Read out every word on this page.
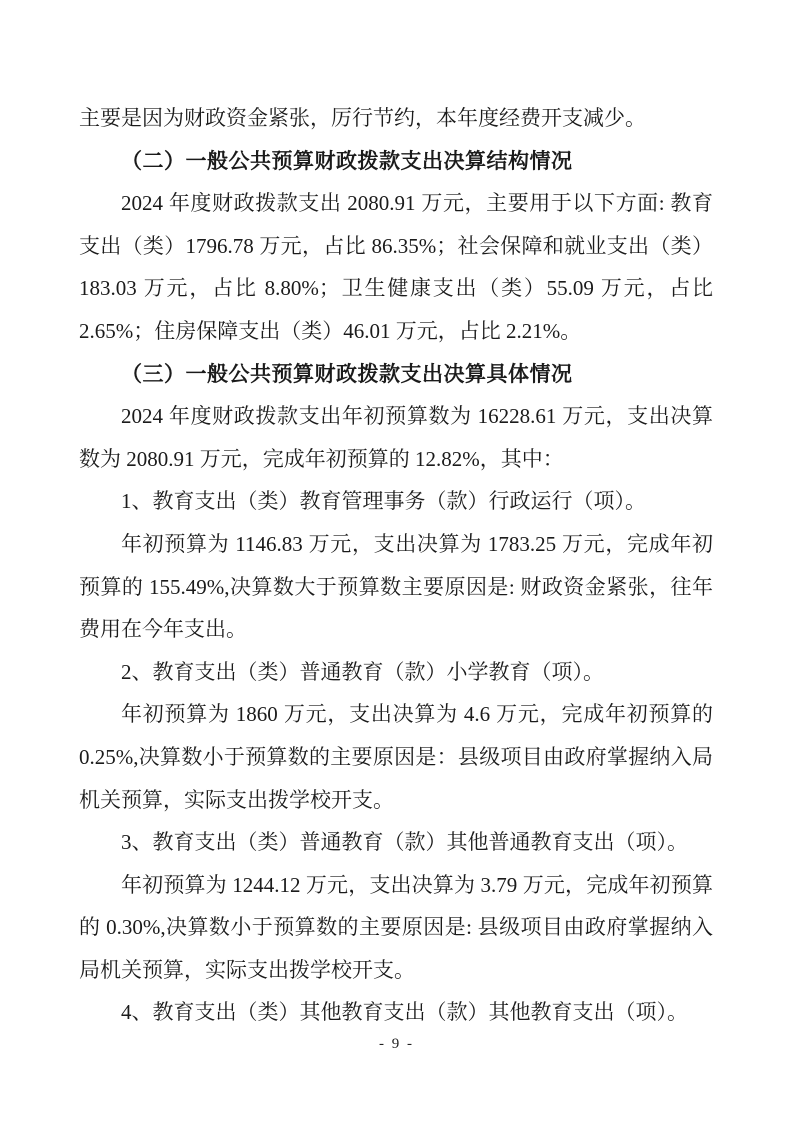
主要是因为财政资金紧张，厉行节约，本年度经费开支减少。

（二）一般公共预算财政拨款支出决算结构情况

2024 年度财政拨款支出 2080.91 万元，主要用于以下方面: 教育支出（类）1796.78 万元，占比 86.35%；社会保障和就业支出（类）183.03 万元，占比 8.80%；卫生健康支出（类）55.09 万元，占比 2.65%；住房保障支出（类）46.01 万元，占比 2.21%。

（三）一般公共预算财政拨款支出决算具体情况

2024 年度财政拨款支出年初预算数为 16228.61 万元，支出决算数为 2080.91 万元，完成年初预算的 12.82%，其中：

1、教育支出（类）教育管理事务（款）行政运行（项）。

年初预算为 1146.83 万元，支出决算为 1783.25 万元，完成年初预算的 155.49%,决算数大于预算数主要原因是: 财政资金紧张，往年费用在今年支出。

2、教育支出（类）普通教育（款）小学教育（项）。

年初预算为 1860 万元，支出决算为 4.6 万元，完成年初预算的 0.25%,决算数小于预算数的主要原因是：县级项目由政府掌握纳入局机关预算，实际支出拨学校开支。

3、教育支出（类）普通教育（款）其他普通教育支出（项）。

年初预算为 1244.12 万元，支出决算为 3.79 万元，完成年初预算的 0.30%,决算数小于预算数的主要原因是: 县级项目由政府掌握纳入局机关预算，实际支出拨学校开支。

4、教育支出（类）其他教育支出（款）其他教育支出（项）。

- 9 -
